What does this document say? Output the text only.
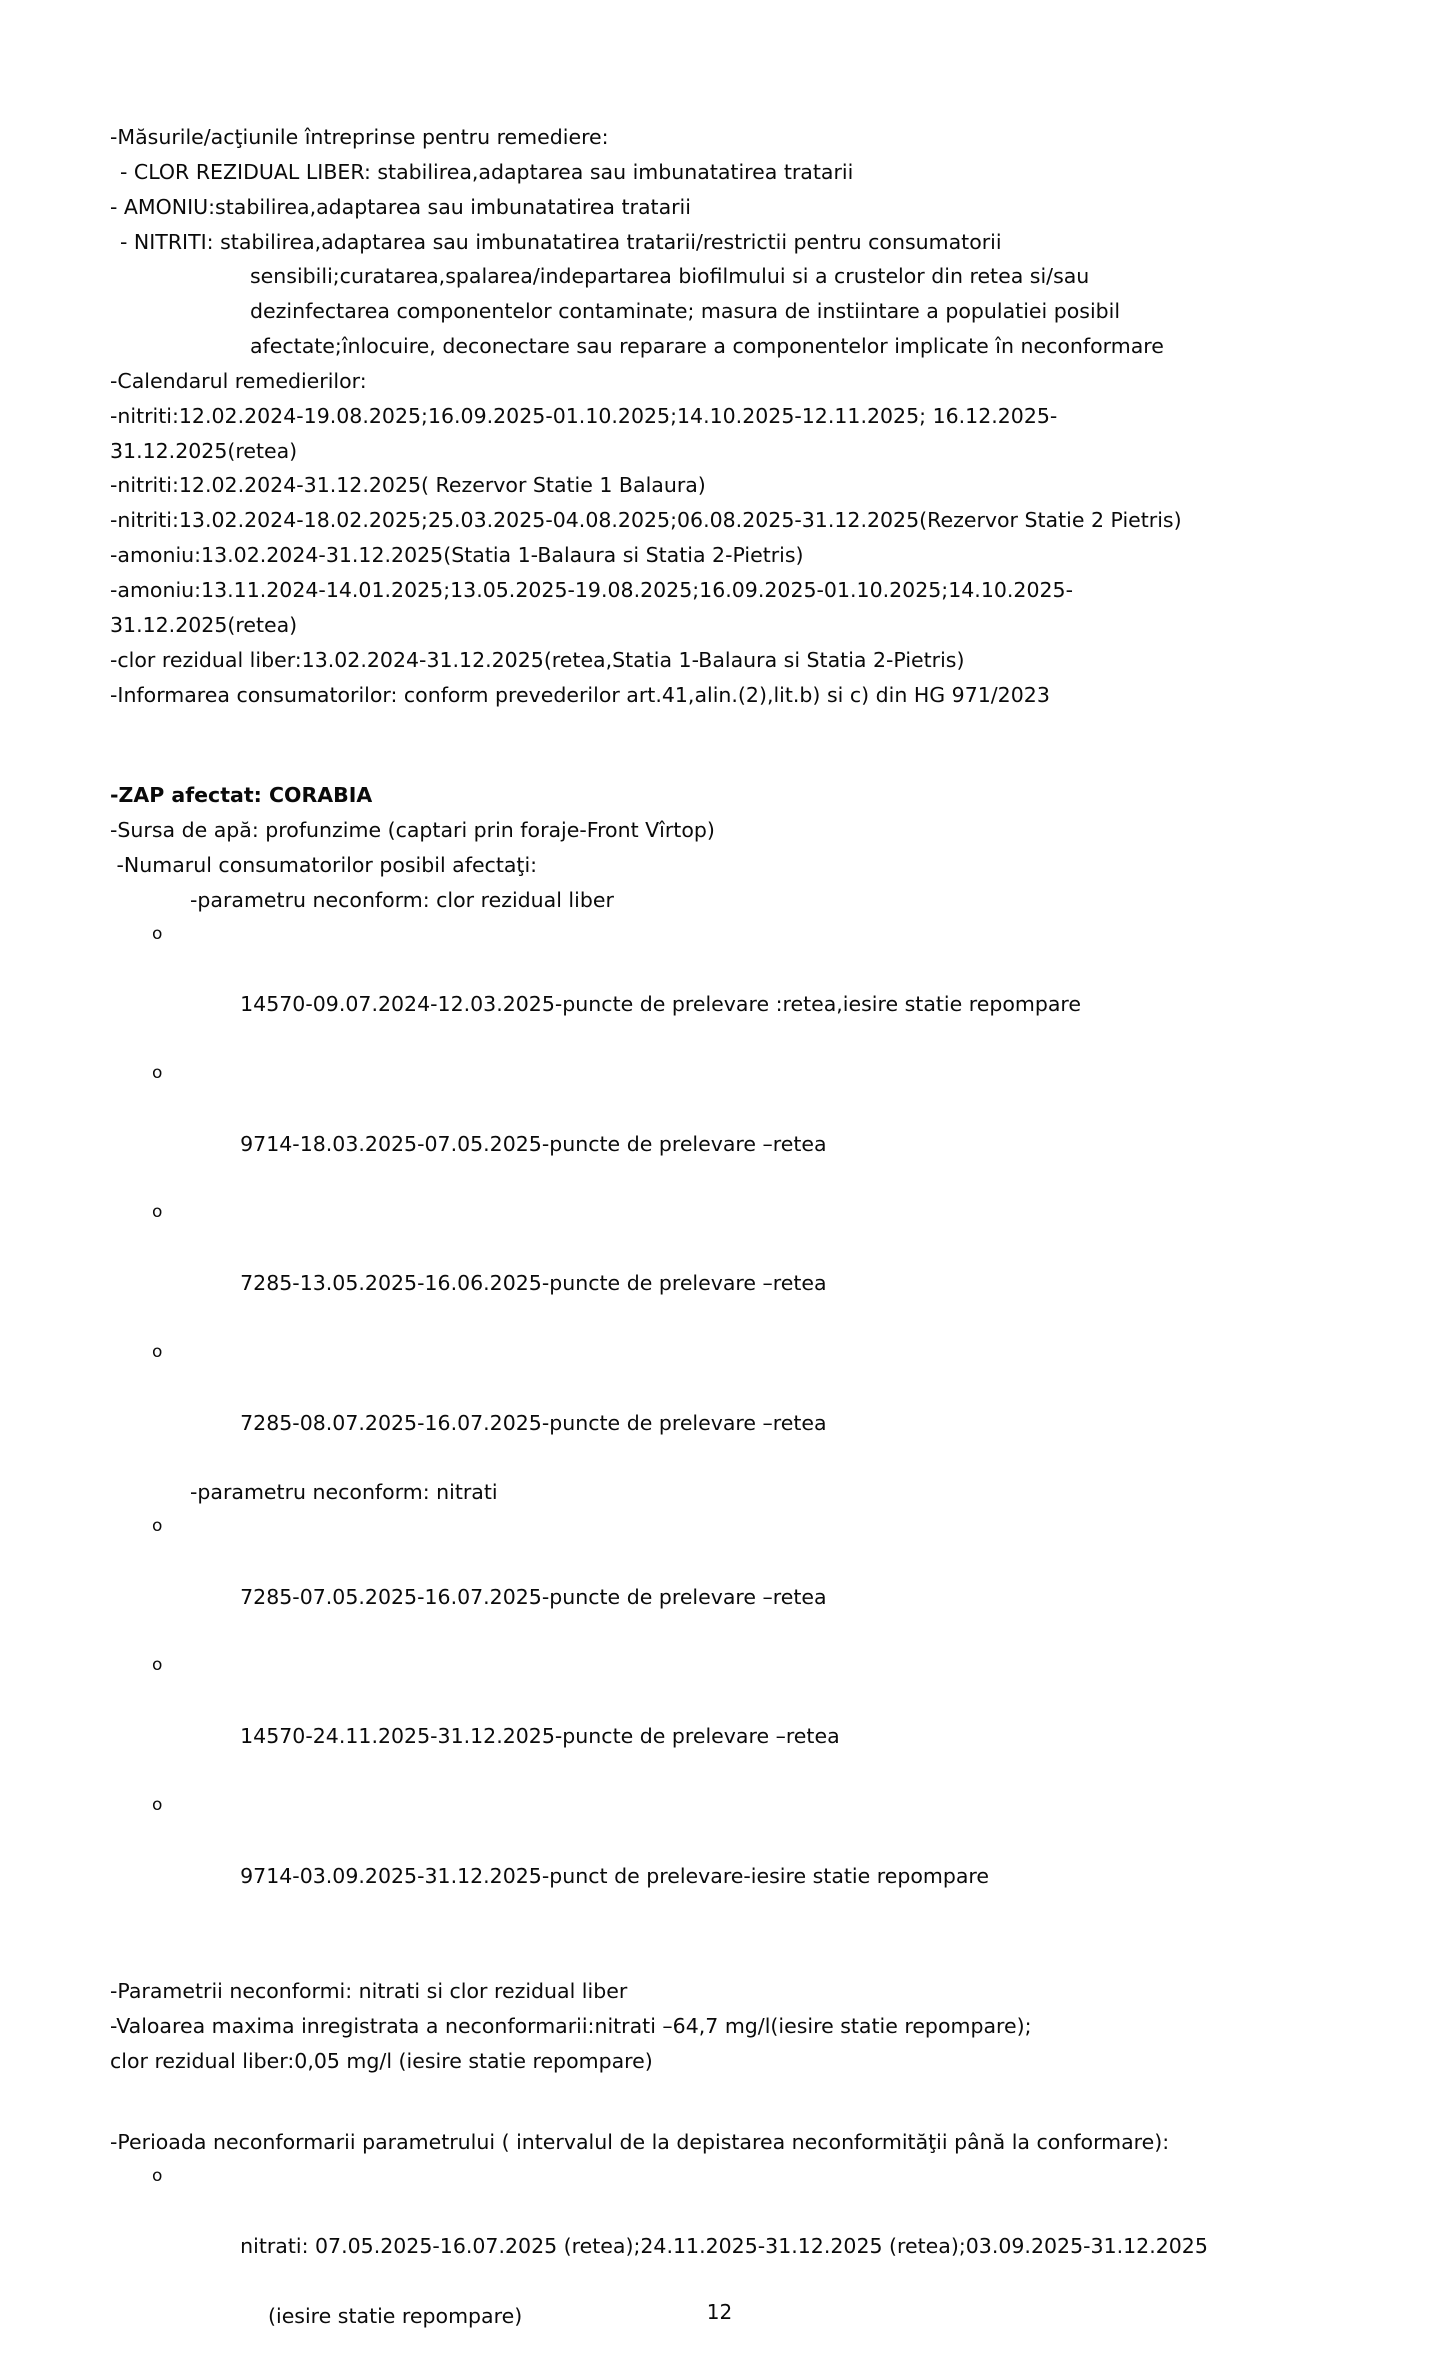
-Măsurile/acţiunile întreprinse pentru remediere:

- CLOR REZIDUAL LIBER: stabilirea,adaptarea sau imbunatatirea tratarii

- AMONIU:stabilirea,adaptarea sau imbunatatirea tratarii

- NITRITI: stabilirea,adaptarea sau imbunatatirea tratarii/restrictii pentru consumatorii

sensibili;curatarea,spalarea/indepartarea biofilmului si a crustelor din retea si/sau

dezinfectarea componentelor contaminate; masura de instiintare a populatiei posibil

afectate;înlocuire, deconectare sau reparare a componentelor implicate în neconformare

-Calendarul remedierilor:

-nitriti:12.02.2024-19.08.2025;16.09.2025-01.10.2025;14.10.2025-12.11.2025; 16.12.2025-

31.12.2025(retea)

-nitriti:12.02.2024-31.12.2025( Rezervor Statie 1 Balaura)

-nitriti:13.02.2024-18.02.2025;25.03.2025-04.08.2025;06.08.2025-31.12.2025(Rezervor Statie 2 Pietris)

-amoniu:13.02.2024-31.12.2025(Statia 1-Balaura si Statia 2-Pietris)

-amoniu:13.11.2024-14.01.2025;13.05.2025-19.08.2025;16.09.2025-01.10.2025;14.10.2025-

31.12.2025(retea)

-clor rezidual liber:13.02.2024-31.12.2025(retea,Statia 1-Balaura si Statia 2-Pietris)

-Informarea consumatorilor: conform prevederilor art.41,alin.(2),lit.b) si c) din HG 971/2023

-ZAP afectat: CORABIA

-Sursa de apă: profunzime (captari prin foraje-Front Vîrtop)

-Numarul consumatorilor posibil afectaţi:

-parametru neconform: clor rezidual liber

o

14570-09.07.2024-12.03.2025-puncte de prelevare :retea,iesire statie repompare

o

9714-18.03.2025-07.05.2025-puncte de prelevare –retea

o

7285-13.05.2025-16.06.2025-puncte de prelevare –retea

o

7285-08.07.2025-16.07.2025-puncte de prelevare –retea

-parametru neconform: nitrati

o

7285-07.05.2025-16.07.2025-puncte de prelevare –retea

o

14570-24.11.2025-31.12.2025-puncte de prelevare –retea

o

9714-03.09.2025-31.12.2025-punct de prelevare-iesire statie repompare

-Parametrii neconformi: nitrati si clor rezidual liber

-Valoarea maxima inregistrata a neconformarii:nitrati –64,7 mg/l(iesire statie repompare);

clor rezidual liber:0,05 mg/l (iesire statie repompare)

-Perioada neconformarii parametrului ( intervalul de la depistarea neconformităţii până la conformare):

o

nitrati: 07.05.2025-16.07.2025 (retea);24.11.2025-31.12.2025 (retea);03.09.2025-31.12.2025

(iesire statie repompare)	12
